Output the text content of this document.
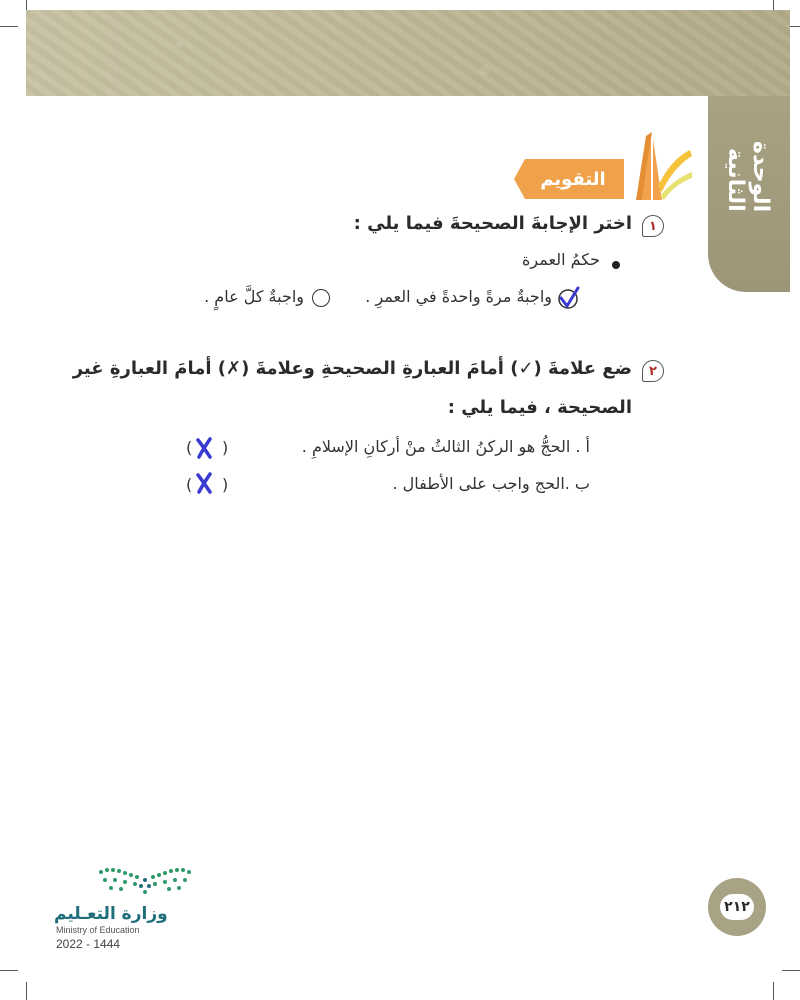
الوحدة الثانية
التقويم
١
اختر الإجابةَ الصحيحةَ فيما يلي :
حكمُ العمرة
واجبةٌ مرةً واحدةً في العمرِ .
واجبةٌ كلَّ عامٍ .
٢
ضع علامةَ (✓) أمامَ العبارةِ الصحيحةِ وعلامةَ (✗) أمامَ العبارةِ غير
الصحيحة ، فيما يلي :
أ . الحجُّ هو الركنُ الثالثُ منْ أركانِ الإسلامِ .
(
)
ب .الحج واجب على الأطفال .
(
)
وزارة التعـليم
Ministry of Education
2022 - 1444
٢١٢
